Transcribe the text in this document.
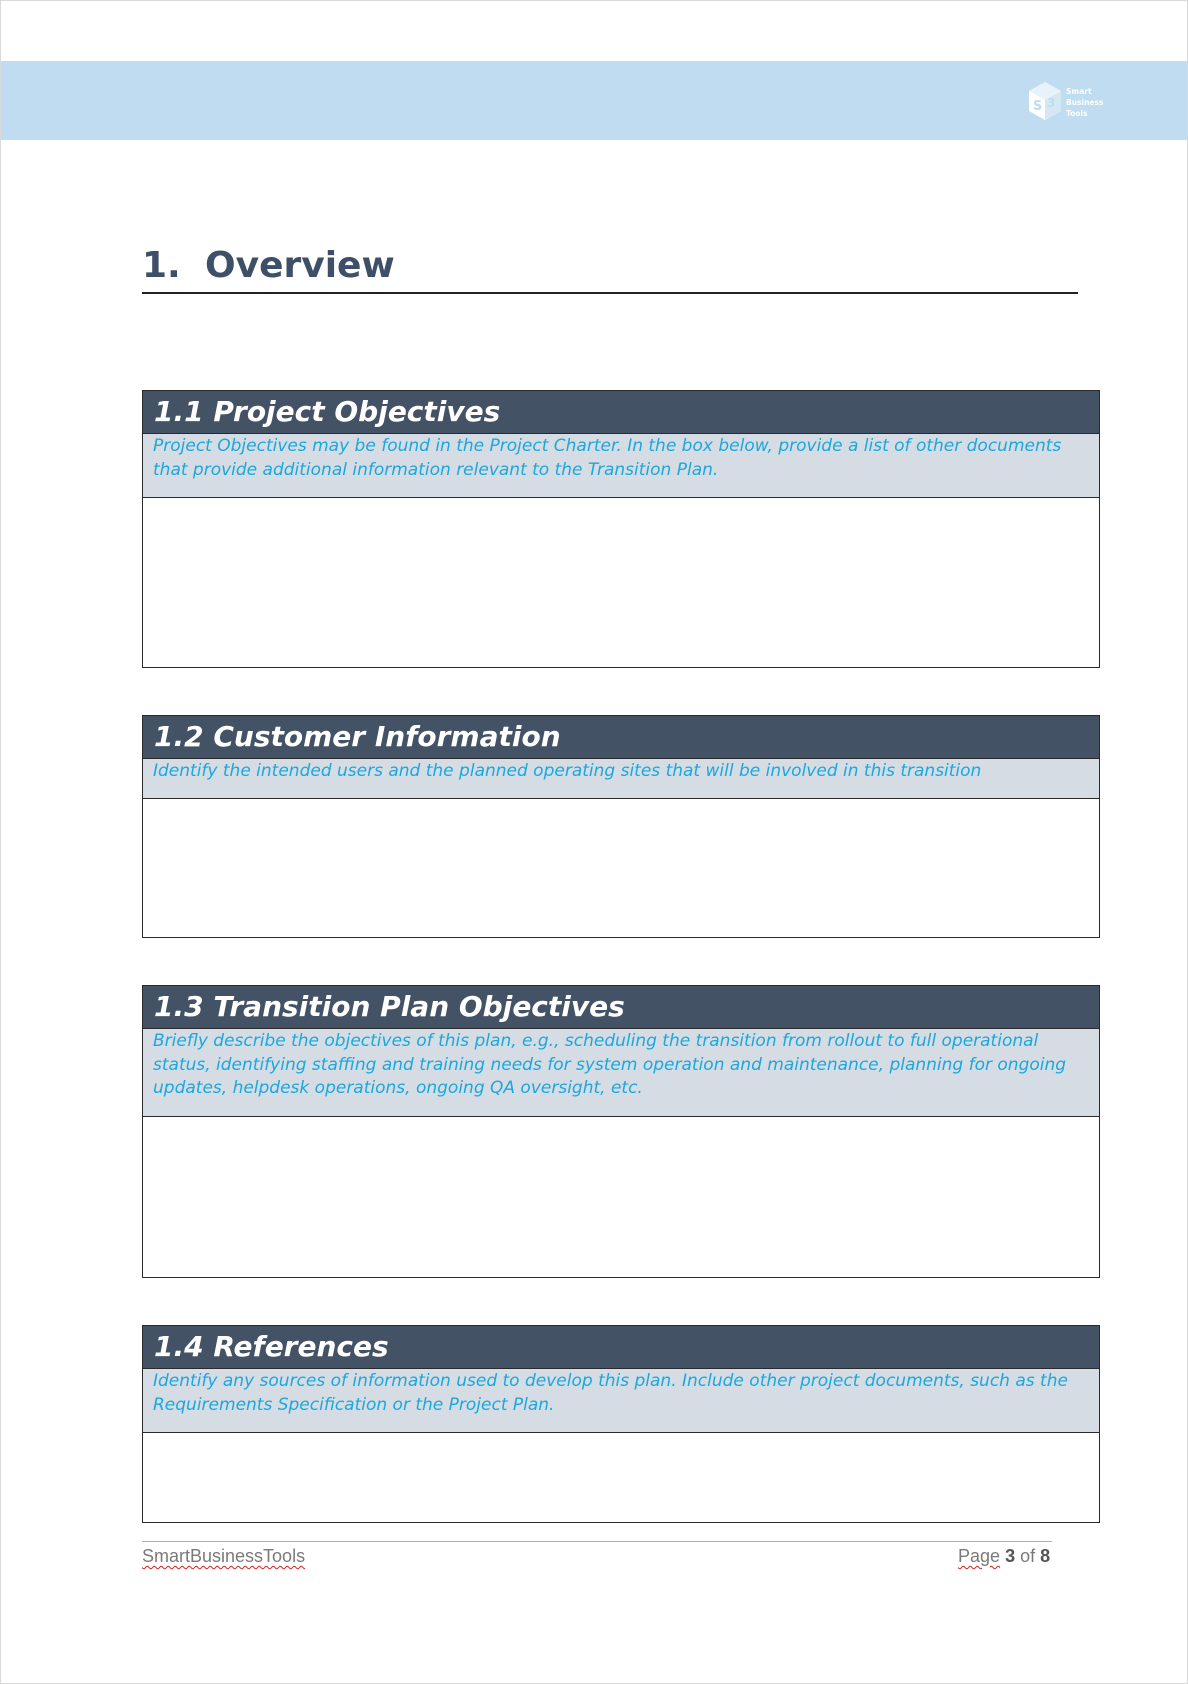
S 3
Smart
Business
Tools
1. Overview
1.1 Project Objectives
Project Objectives may be found in the Project Charter. In the box below, provide a list of other documents that provide additional information relevant to the Transition Plan.
1.2 Customer Information
Identify the intended users and the planned operating sites that will be involved in this transition
1.3 Transition Plan Objectives
Briefly describe the objectives of this plan, e.g., scheduling the transition from rollout to full operational status, identifying staffing and training needs for system operation and maintenance, planning for ongoing updates, helpdesk operations, ongoing QA oversight, etc.
1.4 References
Identify any sources of information used to develop this plan. Include other project documents, such as the Requirements Specification or the Project Plan.
SmartBusinessTools	Page 3 of 8
